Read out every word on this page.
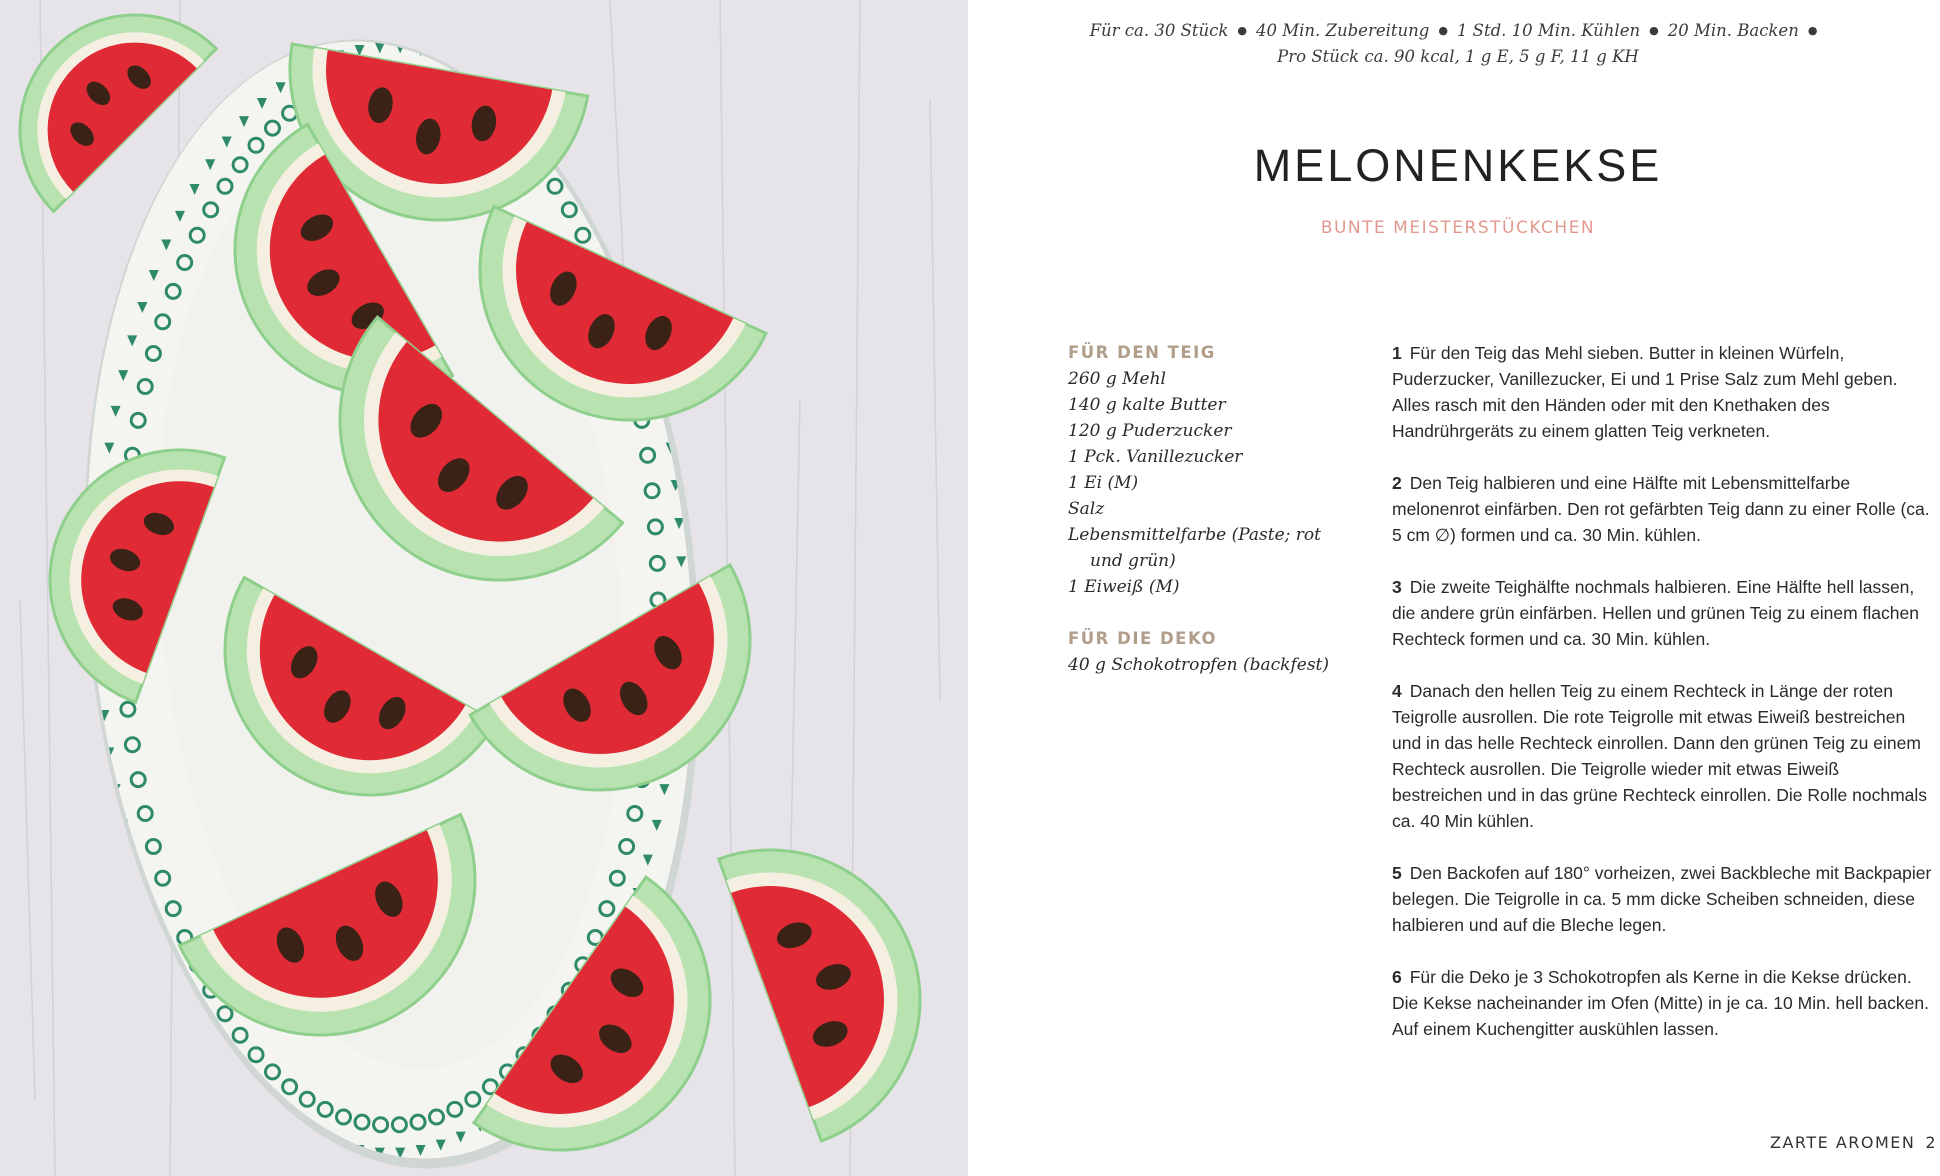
Für ca. 30 Stück ● 40 Min. Zubereitung ● 1 Std. 10 Min. Kühlen ● 20 Min. Backen ●
Pro Stück ca. 90 kcal, 1 g E, 5 g F, 11 g KH
MELONENKEKSE
BUNTE MEISTERSTÜCKCHEN
FÜR DEN TEIG
260 g Mehl
140 g kalte Butter
120 g Puderzucker
1 Pck. Vanillezucker
1 Ei (M)
Salz
Lebensmittelfarbe (Paste; rot und grün)
1 Eiweiß (M)
FÜR DIE DEKO
40 g Schokotropfen (backfest)

1 Für den Teig das Mehl sieben. Butter in kleinen Würfeln, Puderzucker, Vanillezucker, Ei und 1 Prise Salz zum Mehl geben. Alles rasch mit den Händen oder mit den Knethaken des Handrührgeräts zu einem glatten Teig verkneten.

2 Den Teig halbieren und eine Hälfte mit Lebensmittelfarbe melonenrot einfärben. Den rot gefärbten Teig dann zu einer Rolle (ca. 5 cm ∅) formen und ca. 30 Min. kühlen.

3 Die zweite Teighälfte nochmals halbieren. Eine Hälfte hell lassen, die andere grün einfärben. Hellen und grünen Teig zu einem flachen Rechteck formen und ca. 30 Min. kühlen.

4 Danach den hellen Teig zu einem Rechteck in Länge der roten Teigrolle ausrollen. Die rote Teigrolle mit etwas Eiweiß bestreichen und in das helle Rechteck einrollen. Dann den grünen Teig zu einem Rechteck ausrollen. Die Teigrolle wieder mit etwas Eiweiß bestreichen und in das grüne Rechteck einrollen. Die Rolle nochmals ca. 40 Min kühlen.

5 Den Backofen auf 180° vorheizen, zwei Backbleche mit Backpapier belegen. Die Teigrolle in ca. 5 mm dicke Scheiben schneiden, diese halbieren und auf die Bleche legen.

6 Für die Deko je 3 Schokotropfen als Kerne in die Kekse drücken. Die Kekse nacheinander im Ofen (Mitte) in je ca. 10 Min. hell backen. Auf einem Kuchengitter auskühlen lassen.

ZARTE AROMEN 2
